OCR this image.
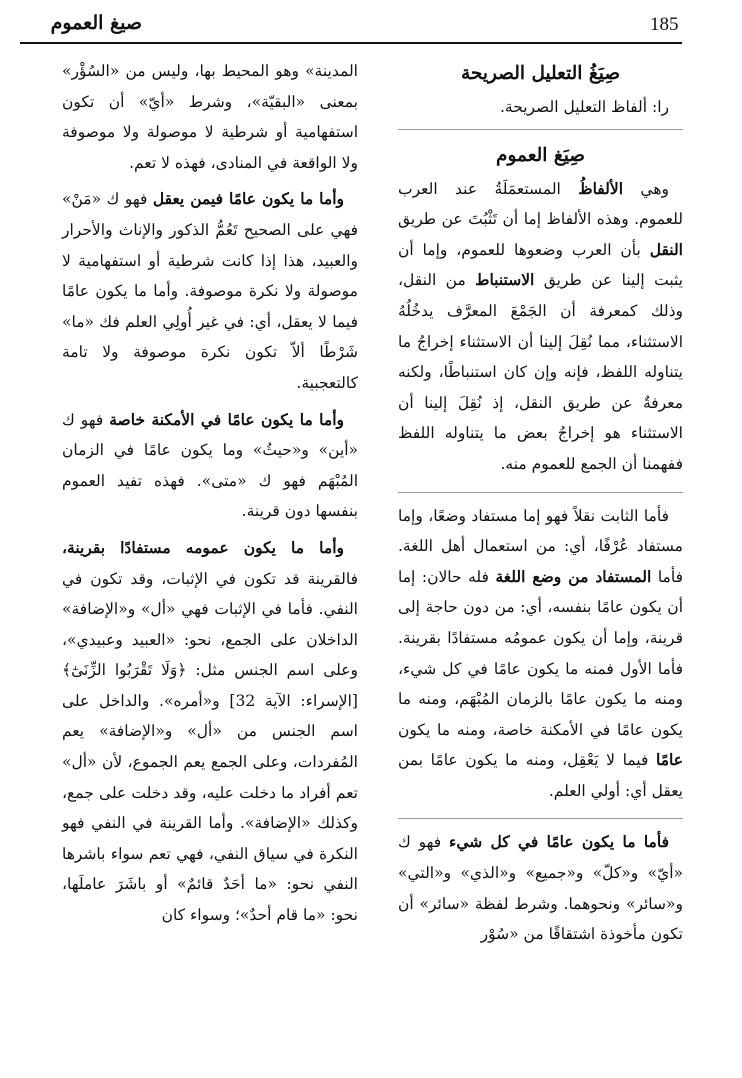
185
صيغ العموم
صِيَغُ التعليل الصريحة

را: ألفاظ التعليل الصريحة.

صِيَغ العموم

وهي الألفاظُ المستعمَلَةُ عند العرب للعموم. وهذه الألفاظ إما أن تَثْبُتَ عن طريق النقل بأن العرب وضعوها للعموم، وإما أن يثبت إلينا عن طريق الاستنباط من النقل، وذلك كمعرفة أن الجَمْعَ المعرَّف يدخُلُهُ الاستثناء، مما نُقِلَ إلينا أن الاستثناء إخراجُ ما يتناوله اللفظ، فإنه وإن كان استنباطًا، ولكنه معرفةٌ عن طريق النقل، إذ نُقِلَ إلينا أن الاستثناء هو إخراجُ بعض ما يتناوله اللفظ ففهمنا أن الجمع للعموم منه.

فأما الثابت نقلاً فهو إما مستفاد وضعًا، وإما مستفاد عُرْفًا، أي: من استعمال أهل اللغة. فأما المستفاد من وضع اللغة فله حالان: إما أن يكون عامًا بنفسه، أي: من دون حاجة إلى قرينة، وإما أن يكون عمومُه مستفادًا بقرينة. فأما الأول فمنه ما يكون عامًا في كل شيء، ومنه ما يكون عامًا بالزمان المُبْهَم، ومنه ما يكون عامًا في الأمكنة خاصة، ومنه ما يكون عامًا فيما لا يَعْقِل، ومنه ما يكون عامًا بمن يعقل أي: أولي العلم.

فأما ما يكون عامًا في كل شيء فهو ك «أيّ» و«كلّ» و«جميع» و«الذي» و«التي» و«سائر» ونحوهما. وشرط لفظة «سائر» أن تكون مأخوذة اشتقاقًا من «سُوْر

المدينة» وهو المحيط بها، وليس من «السُؤْر» بمعنى «البقيّة»، وشرط «أيّ» أن تكون استفهامية أو شرطية لا موصولة ولا موصوفة ولا الواقعة في المنادى، فهذه لا تعم.

وأما ما يكون عامًا فيمن يعقل فهو ك «مَنْ» فهي على الصحيح تَعُمُّ الذكور والإناث والأحرار والعبيد، هذا إذا كانت شرطية أو استفهامية لا موصولة ولا نكرة موصوفة. وأما ما يكون عامًا فيما لا يعقل، أي: في غير أُولِي العلم فك «ما» شَرْطًا ألاّ تكون نكرة موصوفة ولا تامة كالتعجبية.

وأما ما يكون عامًا في الأمكنة خاصة فهو ك «أين» و«حيثُ» وما يكون عامًا في الزمان المُبْهَم فهو ك «متى». فهذه تفيد العموم بنفسها دون قرينة.

وأما ما يكون عمومه مستفادًا بقرينة، فالقرينة قد تكون في الإثبات، وقد تكون في النفي. فأما في الإثبات فهي «أل» و«الإضافة» الداخلان على الجمع، نحو: «العبيد وعبيدي»، وعلى اسم الجنس مثل: ﴿وَلَا تَقْرَبُوا الزِّنَىٰٓ﴾ [الإسراء: الآية 32] و«أمره». والداخل على اسم الجنس من «أل» و«الإضافة» يعم المُفردات، وعلى الجمع يعم الجموع، لأن «أل» تعم أفراد ما دخلت عليه، وقد دخلت على جمع، وكذلك «الإضافة». وأما القرينة في النفي فهو النكرة في سياق النفي، فهي تعم سواء باشرها النفي نحو: «ما أحَدٌ قائمٌ» أو باشَرَ عاملَها، نحو: «ما قام أحدٌ»؛ وسواء كان
